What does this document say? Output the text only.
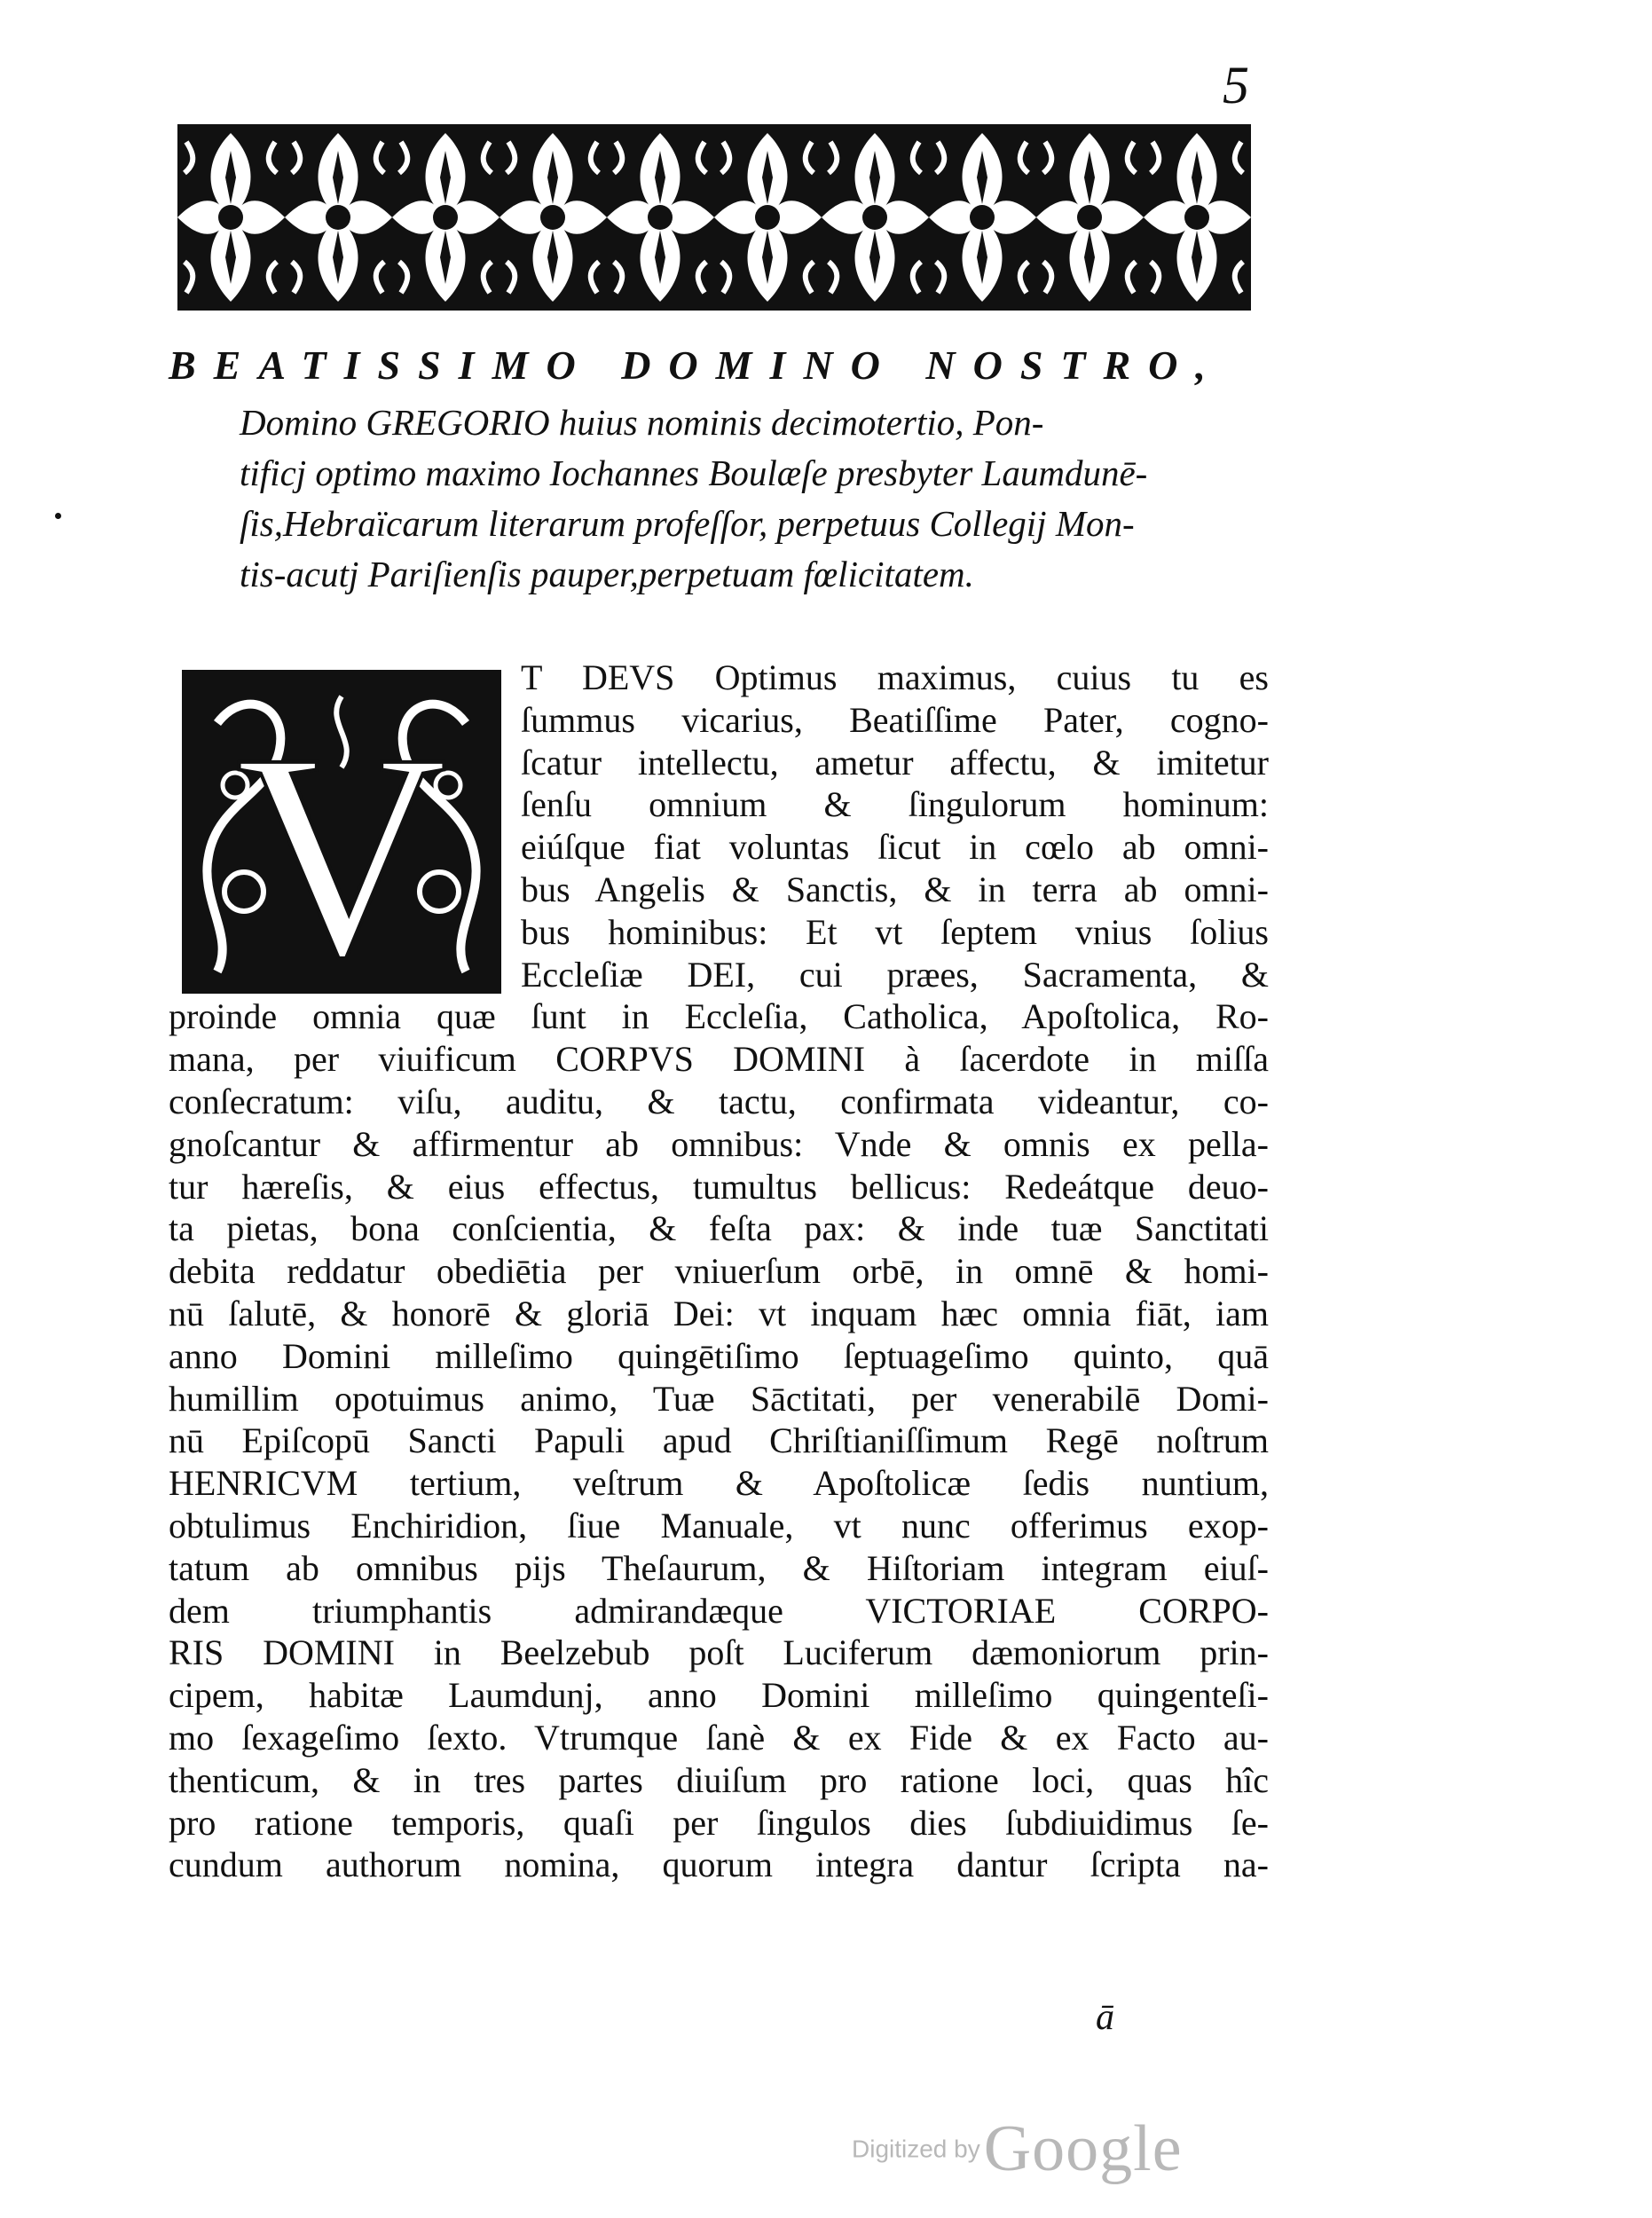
5
BEATISSIMO DOMINO NOSTRO,
Domino GREGORIO huius nominis decimotertio, Pon-
tificj optimo maximo Iochannes Boulæſe presbyter Laumdunē-
ſis,Hebraïcarum literarum profeſſor, perpetuus Collegij Mon-
tis-acutj Pariſienſis pauper,perpetuam fœlicitatem.
V
T DEVS Optimus maximus, cuius tu es
ſummus vicarius, Beatiſſime Pater, cogno-
ſcatur intellectu, ametur affectu, & imitetur
ſenſu omnium & ſingulorum hominum:
eiúſque fiat voluntas ſicut in cœlo ab omni-
bus Angelis & Sanctis, & in terra ab omni-
bus hominibus: Et vt ſeptem vnius ſolius
Eccleſiæ DEI, cui præes, Sacramenta, &
proinde omnia quæ ſunt in Eccleſia, Catholica, Apoſtolica, Ro-
mana, per viuificum CORPVS DOMINI à ſacerdote in miſſa
conſecratum: viſu, auditu, & tactu, confirmata videantur, co-
gnoſcantur & affirmentur ab omnibus: Vnde & omnis ex pella-
tur hæreſis, & eius effectus, tumultus bellicus: Redeátque deuo-
ta pietas, bona conſcientia, & feſta pax: & inde tuæ Sanctitati
debita reddatur obediētia per vniuerſum orbē, in omnē & homi-
nū ſalutē, & honorē & gloriā Dei: vt inquam hæc omnia fiāt, iam
anno Domini milleſimo quingētiſimo ſeptuageſimo quinto, quā
humillim opotuimus animo, Tuæ Sāctitati, per venerabilē Domi-
nū Epiſcopū Sancti Papuli apud Chriſtianiſſimum Regē noſtrum
HENRICVM tertium, veſtrum & Apoſtolicæ ſedis nuntium,
obtulimus Enchiridion, ſiue Manuale, vt nunc offerimus exop-
tatum ab omnibus pijs Theſaurum, & Hiſtoriam integram eiuſ-
dem triumphantis admirandæque VICTORIAE CORPO-
RIS DOMINI in Beelzebub poſt Luciferum dæmoniorum prin-
cipem, habitæ Laumdunj, anno Domini milleſimo quingenteſi-
mo ſexageſimo ſexto. Vtrumque ſanè & ex Fide & ex Facto au-
thenticum, & in tres partes diuiſum pro ratione loci, quas hîc
pro ratione temporis, quaſi per ſingulos dies ſubdiuidimus ſe-
cundum authorum nomina, quorum integra dantur ſcripta na-
ā
Digitized by Google
